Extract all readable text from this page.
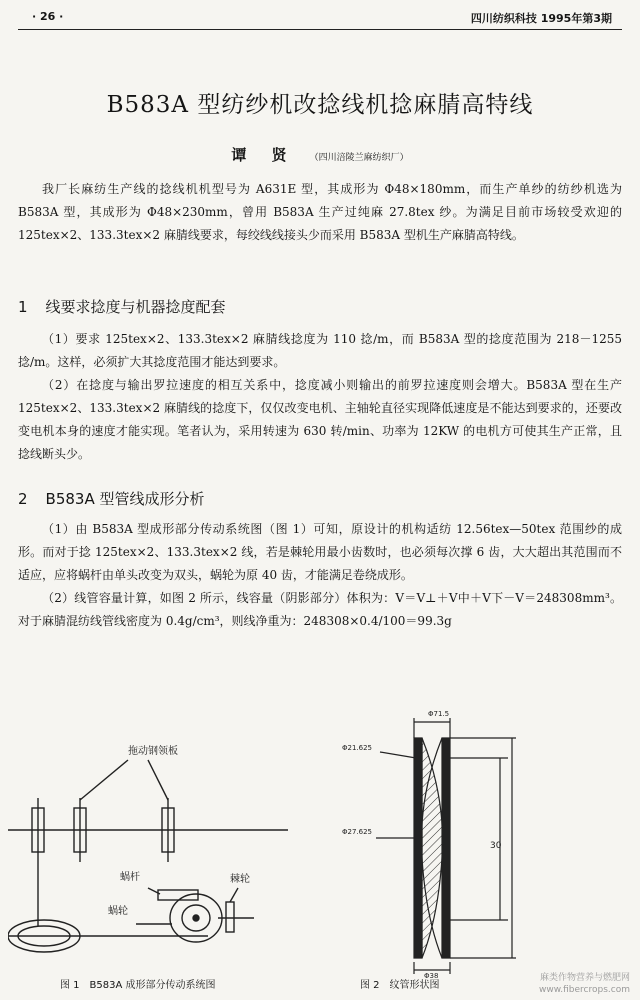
· 26 ·	四川纺织科技 1995年第3期
B583A 型纺纱机改捻线机捻麻腈高特线
谭 贤 （四川涪陵兰麻纺织厂）

我厂长麻纺生产线的捻线机机型号为 A631E 型，其成形为 Φ48×180mm，而生产单纱的纺纱机选为 B583A 型，其成形为 Φ48×230mm，曾用 B583A 生产过纯麻 27.8tex 纱。为满足目前市场较受欢迎的 125tex×2、133.3tex×2 麻腈线要求，每绞线线接头少而采用 B583A 型机生产麻腈高特线。

1 线要求捻度与机器捻度配套

（1）要求 125tex×2、133.3tex×2 麻腈线捻度为 110 捻/m，而 B583A 型的捻度范围为 218－1255 捻/m。这样，必须扩大其捻度范围才能达到要求。

（2）在捻度与输出罗拉速度的相互关系中，捻度减小则输出的前罗拉速度则会增大。B583A 型在生产 125tex×2、133.3tex×2 麻腈线的捻度下，仅仅改变电机、主轴轮直径实现降低速度是不能达到要求的，还要改变电机本身的速度才能实现。笔者认为，采用转速为 630 转/min、功率为 12KW 的电机方可使其生产正常，且捻线断头少。

2 B583A 型管线成形分析

（1）由 B583A 型成形部分传动系统图（图 1）可知，原设计的机构适纺 12.56tex—50tex 范围纱的成形。而对于捻 125tex×2、133.3tex×2 线，若是棘轮用最小齿数时，也必须每次撑 6 齿，大大超出其范围而不适应，应将蜗杆由单头改变为双头，蜗轮为原 40 齿，才能满足卷绕成形。

（2）线管容量计算，如图 2 所示，线容量（阴影部分）体积为：V＝V⊥＋V中＋V下－V＝248308mm³。对于麻腈混纺线管线密度为 0.4g/cm³，则线净重为：248308×0.4/100＝99.3g

拖动钢领板
蜗杆	棘轮
蜗轮
Φ71.5
Φ21.625
Φ27.625
30
Φ38
图 1　B583A 成形部分传动系统图	图 2　纹管形状图
麻类作物营养与燃肥网
www.fibercrops.com
